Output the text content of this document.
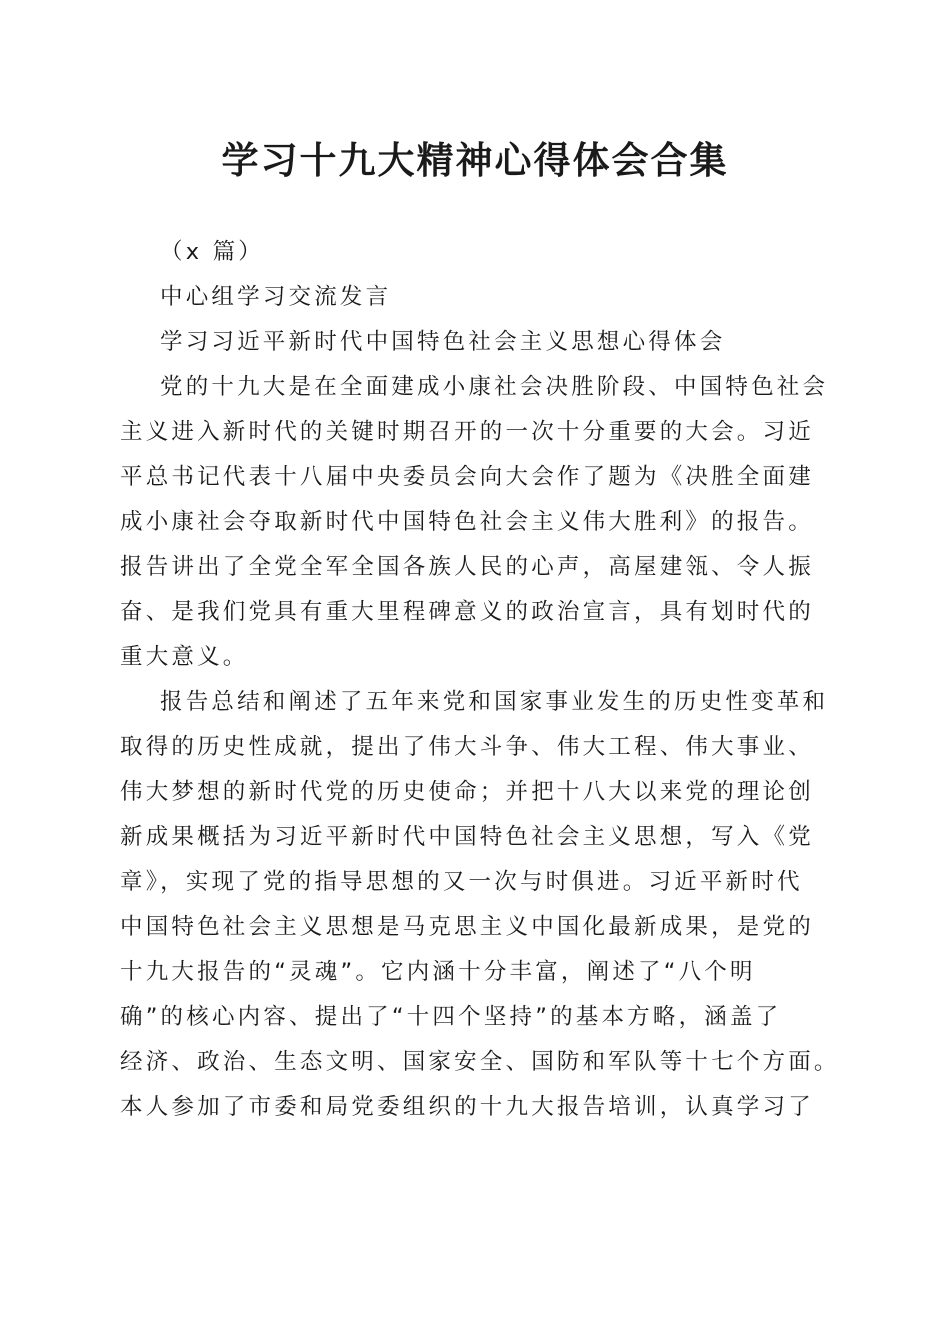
学习十九大精神心得体会合集
（x 篇）
中心组学习交流发言
学习习近平新时代中国特色社会主义思想心得体会
党的十九大是在全面建成小康社会决胜阶段、中国特色社会
主义进入新时代的关键时期召开的一次十分重要的大会。习近
平总书记代表十八届中央委员会向大会作了题为《决胜全面建
成小康社会夺取新时代中国特色社会主义伟大胜利》的报告。
报告讲出了全党全军全国各族人民的心声，高屋建瓴、令人振
奋、是我们党具有重大里程碑意义的政治宣言，具有划时代的
重大意义。
报告总结和阐述了五年来党和国家事业发生的历史性变革和
取得的历史性成就，提出了伟大斗争、伟大工程、伟大事业、
伟大梦想的新时代党的历史使命；并把十八大以来党的理论创
新成果概括为习近平新时代中国特色社会主义思想，写入《党
章》，实现了党的指导思想的又一次与时俱进。习近平新时代
中国特色社会主义思想是马克思主义中国化最新成果，是党的
十九大报告的“灵魂”。它内涵十分丰富，阐述了“八个明
确”的核心内容、提出了“十四个坚持”的基本方略，涵盖了
经济、政治、生态文明、国家安全、国防和军队等十七个方面。
本人参加了市委和局党委组织的十九大报告培训，认真学习了
